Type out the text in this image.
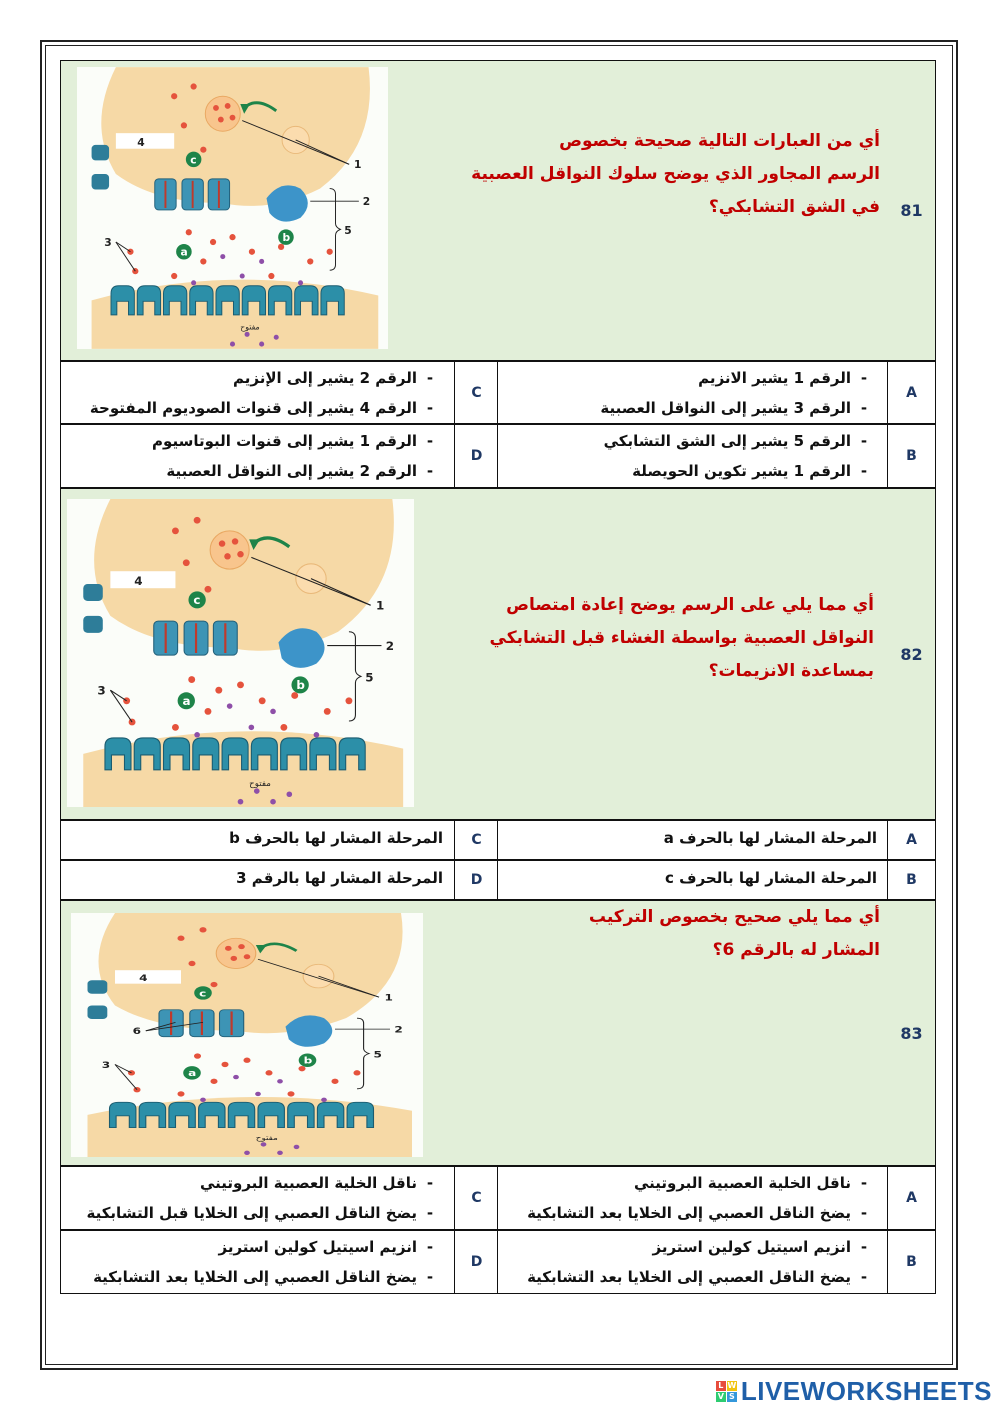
c
b
a
4
1
2
5
3
مفتوح
أي من العبارات التالية صحيحة بخصوص
الرسم المجاور الذي يوضح سلوك النواقل العصبية
في الشق التشابكي؟	81
A
-
الرقم 1 يشير الانزيم
-
الرقم 3 يشير إلى النواقل العصبية
C
-
الرقم 2 يشير إلى الإنزيم
-
الرقم 4 يشير إلى قنوات الصوديوم المفتوحة
B
-
الرقم 5 يشير إلى الشق التشابكي
-
الرقم 1 يشير تكوين الحويصلة
D
-
الرقم 1 يشير إلى قنوات البوتاسيوم
-
الرقم 2 يشير إلى النواقل العصبية
c
b
a
4
1
2
5
3
مفتوح
أي مما يلي على الرسم يوضح إعادة امتصاص
النواقل العصبية بواسطة الغشاء قبل التشابكي
بمساعدة الانزيمات؟
82
A
المرحلة المشار لها بالحرف a
C
المرحلة المشار لها بالحرف b
B
المرحلة المشار لها بالحرف c
D
المرحلة المشار لها بالرقم 3
c
b
a
4
1
2
5
3
6
مفتوح
أي مما يلي صحيح بخصوص التركيب
المشار له بالرقم 6؟
83
A
-
ناقل الخلية العصبية البروتيني
-
يضخ الناقل العصبي إلى الخلايا بعد التشابكية
C
-
ناقل الخلية العصبية البروتيني
-
يضخ الناقل العصبي إلى الخلايا قبل التشابكية
B
-
انزيم اسيتيل كولين استريز
-
يضخ الناقل العصبي إلى الخلايا بعد التشابكية
D
-
انزيم اسيتيل كولين استريز
-
يضخ الناقل العصبي إلى الخلايا بعد التشابكية
L W
V S LIVEWORKSHEETS
